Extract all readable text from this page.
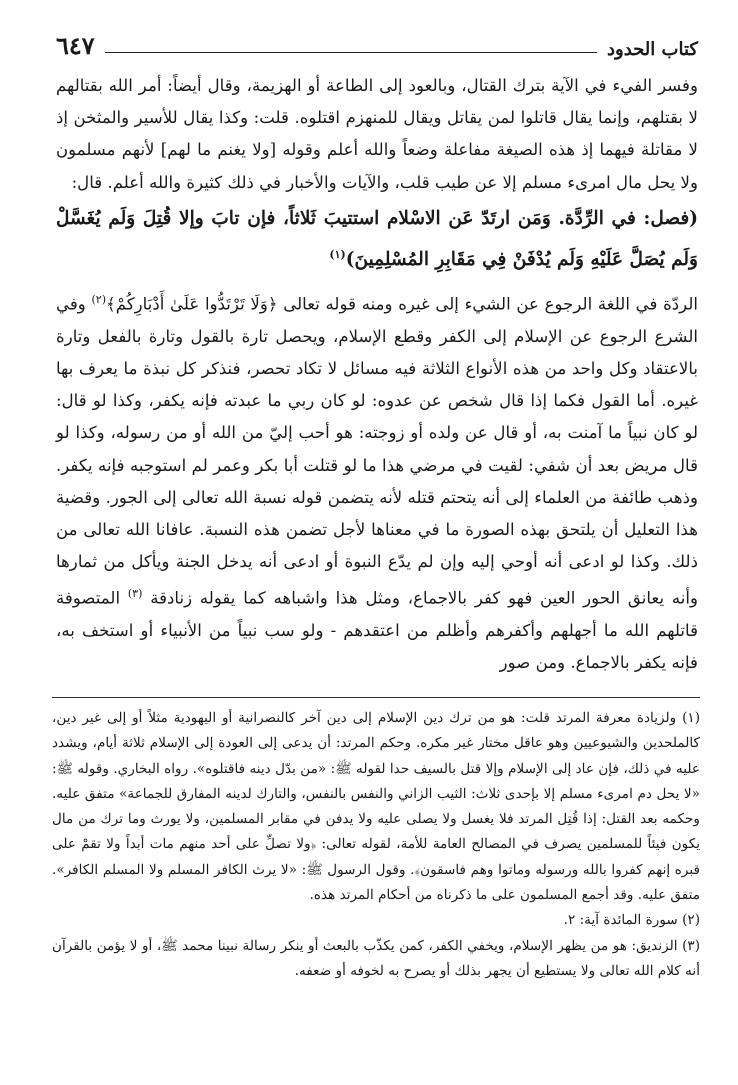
كتاب الحدود
٦٤٧

وفسر الفيء في الآية بترك القتال، وبالعود إلى الطاعة أو الهزيمة، وقال أيضاً: أمر الله بقتالهم لا بقتلهم، وإنما يقال قاتلوا لمن يقاتل ويقال للمنهزم اقتلوه. قلت: وكذا يقال للأسير والمثخن إذ لا مقاتلة فيهما إذ هذه الصيغة مفاعلة وضعاً والله أعلم وقوله [ولا يغنم ما لهم] لأنهم مسلمون ولا يحل مال امرىء مسلم إلا عن طيب قلب، والآيات والأخبار في ذلك كثيرة والله أعلم. قال:

(فصل: في الرِّدَّة. وَمَن ارتَدّ عَن الاسْلام استتيبَ ثَلاثاً، فإن تابَ وإلا قُتِلَ وَلَم يُغَسَّلْ وَلَم يُصَلَّ عَلَيْهِ وَلَم يُدْفَنْ فِي مَقَابِرِ المُسْلِمِينَ)$^{(١)}$

الردّة في اللغة الرجوع عن الشيء إلى غيره ومنه قوله تعالى ﴿وَلَا تَرْتَدُّوا عَلَىٰ أَدْبَارِكُمْ﴾$^{(٢)}$ وفي الشرع الرجوع عن الإسلام إلى الكفر وقطع الإسلام، ويحصل تارة بالقول وتارة بالفعل وتارة بالاعتقاد وكل واحد من هذه الأنواع الثلاثة فيه مسائل لا تكاد تحصر، فنذكر كل نبذة ما يعرف بها غيره. أما القول فكما إذا قال شخص عن عدوه: لو كان ربي ما عبدته فإنه يكفر، وكذا لو قال: لو كان نبياً ما آمنت به، أو قال عن ولده أو زوجته: هو أحب إليّ من الله أو من رسوله، وكذا لو قال مريض بعد أن شفي: لقيت في مرضي هذا ما لو قتلت أبا بكر وعمر لم استوجبه فإنه يكفر. وذهب طائفة من العلماء إلى أنه يتحتم قتله لأنه يتضمن قوله نسبة الله تعالى إلى الجور. وقضية هذا التعليل أن يلتحق بهذه الصورة ما في معناها لأجل تضمن هذه النسبة. عافانا الله تعالى من ذلك. وكذا لو ادعى أنه أوحي إليه وإن لم يدّع النبوة أو ادعى أنه يدخل الجنة ويأكل من ثمارها وأنه يعانق الحور العين فهو كفر بالاجماع، ومثل هذا واشباهه كما يقوله زنادقة $^{(٣)}$ المتصوفة قاتلهم الله ما أجهلهم وأكفرهم وأظلم من اعتقدهم - ولو سب نبياً من الأنبياء أو استخف به، فإنه يكفر بالاجماع. ومن صور

(١) ولزيادة معرفة المرتد قلت: هو من ترك دين الإسلام إلى دين آخر كالنصرانية أو اليهودية مثلاً أو إلى غير دين، كالملحدين والشيوعيين وهو عاقل مختار غير مكره. وحكم المرتد: أن يدعى إلى العودة إلى الإسلام ثلاثة أيام، ويشدد عليه في ذلك، فإن عاد إلى الإسلام وإلا قتل بالسيف حدا لقوله ﷺ: «من بدّل دينه فاقتلوه». رواه البخاري. وقوله ﷺ: «لا يحل دم امرىء مسلم إلا بإحدى ثلاث: الثيب الزاني والنفس بالنفس، والتارك لدينه المفارق للجماعة» متفق عليه. وحكمه بعد القتل: إذا قُتِل المرتد فلا يغسل ولا يصلى عليه ولا يدفن في مقابر المسلمين، ولا يورث وما ترك من مال يكون فيئاً للمسلمين يصرف في المصالح العامة للأمة، لقوله تعالى: ﴿ولا تصلِّ على أحد منهم مات أبداً ولا تقمْ على قبره إنهم كفروا بالله ورسوله وماتوا وهم فاسقون﴾. وقول الرسول ﷺ: «لا يرث الكافر المسلم ولا المسلم الكافر». متفق عليه. وقد أجمع المسلمون على ما ذكرناه من أحكام المرتد هذه.
(٢) سورة المائدة آية: ٢.
(٣) الزنديق: هو من يظهر الإسلام، ويخفي الكفر، كمن يكذّب بالبعث أو ينكر رسالة نبينا محمد ﷺ، أو لا يؤمن بالقرآن أنه كلام الله تعالى ولا يستطيع أن يجهر بذلك أو يصرح به لخوفه أو ضعفه.
